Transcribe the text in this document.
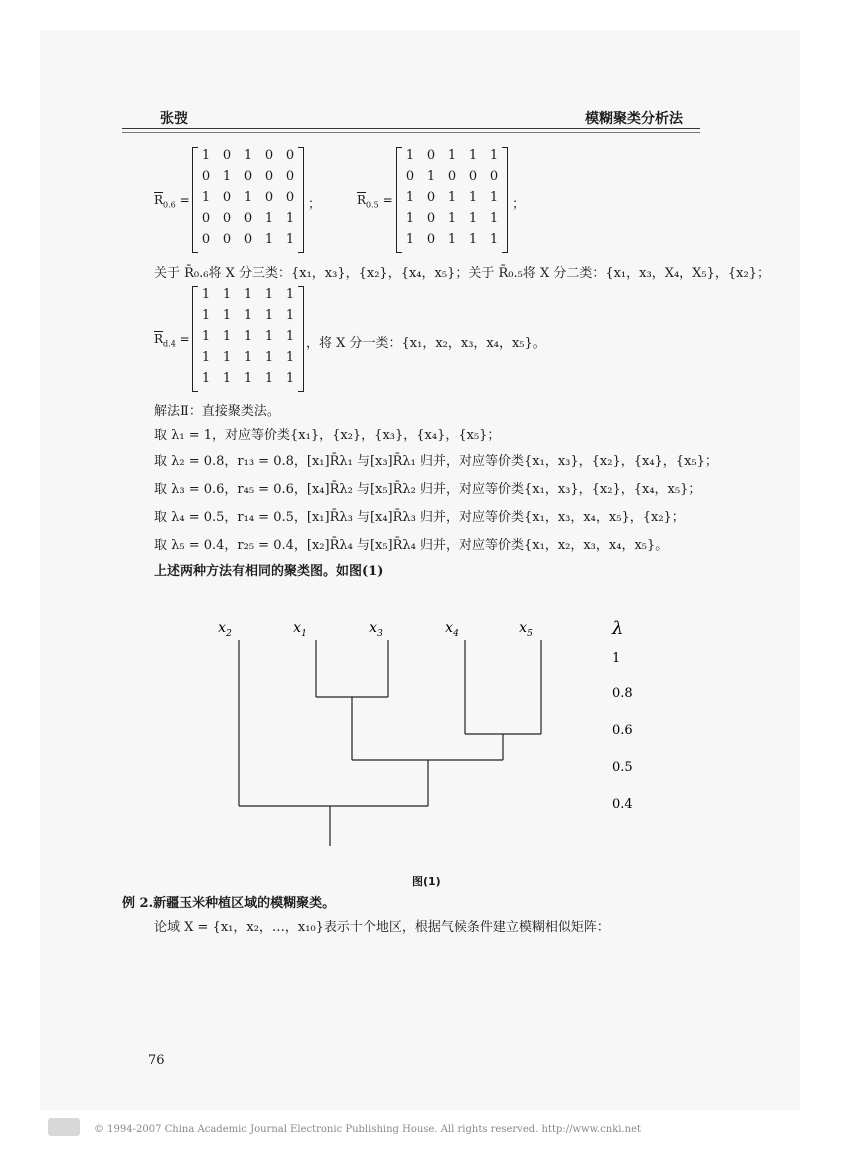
张弢	模糊聚类分析法
$\overline{R}_{0.6}$ =
1 0 1 0 0
0 1 0 0 0
1 0 1 0 0
0 0 0 1 1
0 0 0 1 1
；	$\overline{R}_{0.5}$ =
1 0 1 1 1
0 1 0 0 0
1 0 1 1 1
1 0 1 1 1
1 0 1 1 1
；
关于 R̄₀.₆将 X 分三类：{x₁，x₃}，{x₂}，{x₄，x₅}；关于 R̄₀.₅将 X 分二类：{x₁，x₃，X₄，X₅}，{x₂}；
$\overline{R}_{d.4}$ =
1 1 1 1 1
1 1 1 1 1
1 1 1 1 1
1 1 1 1 1
1 1 1 1 1
，将 X 分一类：{x₁，x₂，x₃，x₄，x₅}。
解法Ⅱ：直接聚类法。
取 λ₁ = 1，对应等价类{x₁}，{x₂}，{x₃}，{x₄}，{x₅}；
取 λ₂ = 0.8，r₁₃ = 0.8，[x₁]R̄λ₁ 与[x₃]R̄λ₁ 归并，对应等价类{x₁，x₃}，{x₂}，{x₄}，{x₅}；
取 λ₃ = 0.6，r₄₅ = 0.6，[x₄]R̄λ₂ 与[x₅]R̄λ₂ 归并，对应等价类{x₁，x₃}，{x₂}，{x₄，x₅}；
取 λ₄ = 0.5，r₁₄ = 0.5，[x₁]R̄λ₃ 与[x₄]R̄λ₃ 归并，对应等价类{x₁，x₃，x₄，x₅}，{x₂}；
取 λ₅ = 0.4，r₂₅ = 0.4，[x₂]R̄λ₄ 与[x₅]R̄λ₄ 归并，对应等价类{x₁，x₂，x₃，x₄，x₅}。
上述两种方法有相同的聚类图。如图(1)
$x_2$	$x_1$	$x_3$	$x_4$	$x_5$	λ
1
0.8
0.6
0.5
0.4
图(1)
例 2.新疆玉米种植区域的模糊聚类。
论域 X = {x₁，x₂，…，x₁₀}表示十个地区，根据气候条件建立模糊相似矩阵：
76
© 1994-2007 China Academic Journal Electronic Publishing House. All rights reserved. http://www.cnki.net
